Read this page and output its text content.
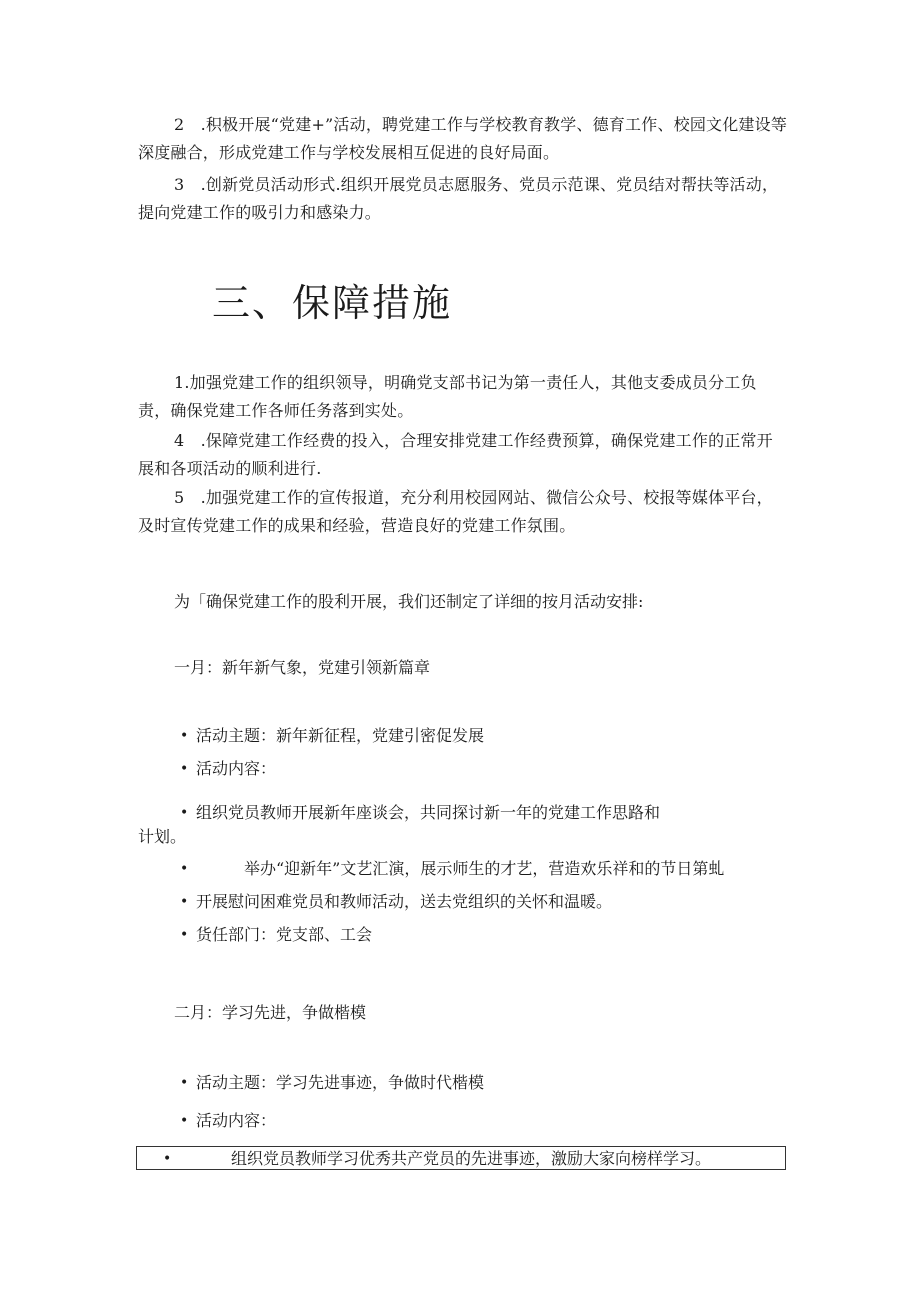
2　.积极开展“党建+”活动，聘党建工作与学校教育教学、德育工作、校园文化建设等深度融合，形成党建工作与学校发展相互促进的良好局面。

3　.创新党员活动形式.组织开展党员志愿服务、党员示范课、党员结对帮扶等活动，提向党建工作的吸引力和感染力。

三、保障措施

1.加强党建工作的组织领导，明确党支部书记为第一责任人，其他支委成员分工负责，确保党建工作各师任务落到实处。

4　.保障党建工作经费的投入，合理安排党建工作经费预算，确保党建工作的正常开展和各项活动的顺利进行.

5　.加强党建工作的宣传报道，充分利用校园网站、微信公众号、校报等媒体平台，及时宣传党建工作的成果和经验，营造良好的党建工作氛围。

为「确保党建工作的股利开展，我们还制定了详细的按月活动安排:

一月：新年新气象，党建引领新篇章

• 活动主题：新年新征程，党建引密促发展

• 活动内容：

• 组织党员教师开展新年座谈会，共同探讨新一年的党建工作思路和

计划。

•	举办“迎新年”文艺汇演，展示师生的才艺，营造欢乐祥和的节日第虬

• 开展慰问困难党员和教师活动，送去党组织的关怀和温暖。

• 货任部门：党支部、工会

二月：学习先进，争做楷模

• 活动主题：学习先进事迹，争做时代楷模

• 活动内容：

•	组织党员教师学习优秀共产党员的先进事迹，激励大家向榜样学习。
